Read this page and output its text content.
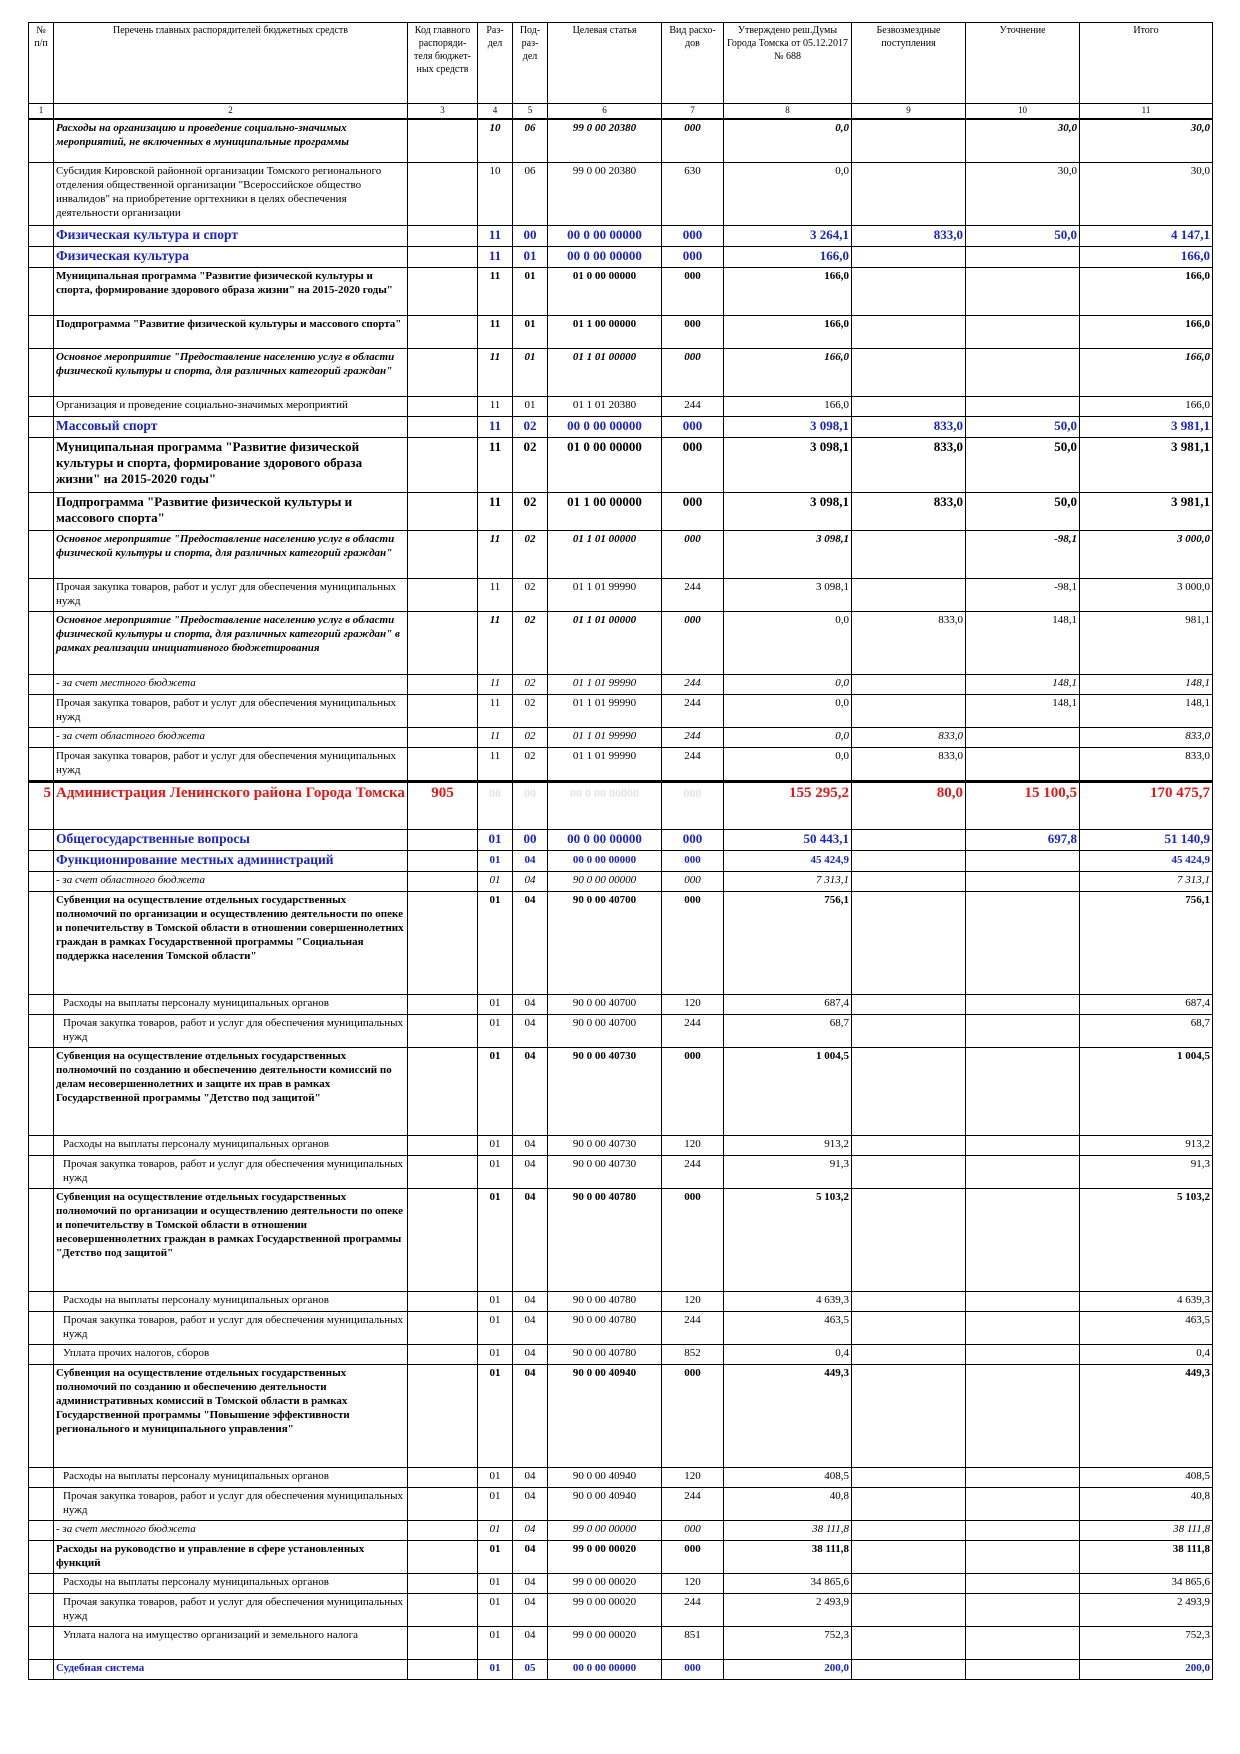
№ п/п	Перечень главных распорядителей бюджетных средств	Код главного распоряди-теля бюджет-ных средств	Раз-дел	Под-раз-дел	Целевая статья	Вид расхо-дов	Утверждено реш.Думы Города Томска от 05.12.2017 № 688	Безвозмездные поступления	Уточнение	Итого
1	2	3	4	5	6	7	8	9	10	11
	Расходы на организацию и проведение социально-значимых мероприятий, не включенных в муниципальные программы		10	06	99 0 00 20380	000	0,0		30,0	30,0
	Субсидия Кировской районной организации Томского регионального отделения общественной организации "Всероссийское общество инвалидов" на приобретение оргтехники в целях обеспечения деятельности организации		10	06	99 0 00 20380	630	0,0		30,0	30,0
	Физическая культура и спорт		11	00	00 0 00 00000	000	3 264,1	833,0	50,0	4 147,1
	Физическая культура		11	01	00 0 00 00000	000	166,0			166,0
	Муниципальная программа "Развитие физической культуры и спорта, формирование здорового образа жизни" на 2015-2020 годы"		11	01	01 0 00 00000	000	166,0			166,0
	Подпрограмма "Развитие физической культуры и массового спорта"		11	01	01 1 00 00000	000	166,0			166,0
	Основное мероприятие "Предоставление населению услуг в области физической культуры и спорта, для различных категорий граждан"		11	01	01 1 01 00000	000	166,0			166,0
	Организация и проведение социально-значимых мероприятий		11	01	01 1 01 20380	244	166,0			166,0
	Массовый спорт		11	02	00 0 00 00000	000	3 098,1	833,0	50,0	3 981,1
	Муниципальная программа "Развитие физической культуры и спорта, формирование здорового образа жизни" на 2015-2020 годы"		11	02	01 0 00 00000	000	3 098,1	833,0	50,0	3 981,1
	Подпрограмма "Развитие физической культуры и массового спорта"		11	02	01 1 00 00000	000	3 098,1	833,0	50,0	3 981,1
	Основное мероприятие "Предоставление населению услуг в области физической культуры и спорта, для различных категорий граждан"		11	02	01 1 01 00000	000	3 098,1		-98,1	3 000,0
	Прочая закупка товаров, работ и услуг для обеспечения муниципальных нужд		11	02	01 1 01 99990	244	3 098,1		-98,1	3 000,0
	Основное мероприятие "Предоставление населению услуг в области физической культуры и спорта, для различных категорий граждан" в рамках реализации инициативного бюджетирования		11	02	01 1 01 00000	000	0,0	833,0	148,1	981,1
	- за счет местного бюджета		11	02	01 1 01 99990	244	0,0		148,1	148,1
	Прочая закупка товаров, работ и услуг для обеспечения муниципальных нужд		11	02	01 1 01 99990	244	0,0		148,1	148,1
	- за счет областного бюджета		11	02	01 1 01 99990	244	0,0	833,0		833,0
	Прочая закупка товаров, работ и услуг для обеспечения муниципальных нужд		11	02	01 1 01 99990	244	0,0	833,0		833,0
5	Администрация Ленинского района Города Томска	905	00	00	00 0 00 00000	000	155 295,2	80,0	15 100,5	170 475,7
	Общегосударственные вопросы		01	00	00 0 00 00000	000	50 443,1		697,8	51 140,9
	Функционирование местных администраций		01	04	00 0 00 00000	000	45 424,9			45 424,9
	- за счет областного бюджета		01	04	90 0 00 00000	000	7 313,1			7 313,1
	Субвенция на осуществление отдельных государственных полномочий по организации и осуществлению деятельности по опеке и попечительству в Томской области в отношении совершеннолетних граждан в рамках Государственной программы "Социальная поддержка населения Томской области"		01	04	90 0 00 40700	000	756,1			756,1
	Расходы на выплаты персоналу муниципальных органов		01	04	90 0 00 40700	120	687,4			687,4
	Прочая закупка товаров, работ и услуг для обеспечения муниципальных нужд		01	04	90 0 00 40700	244	68,7			68,7
	Субвенция на осуществление отдельных государственных полномочий по созданию и обеспечению деятельности комиссий по делам несовершеннолетних и защите их прав в рамках Государственной программы "Детство под защитой"		01	04	90 0 00 40730	000	1 004,5			1 004,5
	Расходы на выплаты персоналу муниципальных органов		01	04	90 0 00 40730	120	913,2			913,2
	Прочая закупка товаров, работ и услуг для обеспечения муниципальных нужд		01	04	90 0 00 40730	244	91,3			91,3
	Субвенция на осуществление отдельных государственных полномочий по организации и осуществлению деятельности по опеке и попечительству в Томской области в отношении несовершеннолетних граждан в рамках Государственной программы "Детство под защитой"		01	04	90 0 00 40780	000	5 103,2			5 103,2
	Расходы на выплаты персоналу муниципальных органов		01	04	90 0 00 40780	120	4 639,3			4 639,3
	Прочая закупка товаров, работ и услуг для обеспечения муниципальных нужд		01	04	90 0 00 40780	244	463,5			463,5
	Уплата прочих налогов, сборов		01	04	90 0 00 40780	852	0,4			0,4
	Субвенция на осуществление отдельных государственных полномочий по созданию и обеспечению деятельности административных комиссий в Томской области в рамках Государственной программы "Повышение эффективности регионального и муниципального управления"		01	04	90 0 00 40940	000	449,3			449,3
	Расходы на выплаты персоналу муниципальных органов		01	04	90 0 00 40940	120	408,5			408,5
	Прочая закупка товаров, работ и услуг для обеспечения муниципальных нужд		01	04	90 0 00 40940	244	40,8			40,8
	- за счет местного бюджета		01	04	99 0 00 00000	000	38 111,8			38 111,8
	Расходы на руководство и управление в сфере установленных функций		01	04	99 0 00 00020	000	38 111,8			38 111,8
	Расходы на выплаты персоналу муниципальных органов		01	04	99 0 00 00020	120	34 865,6			34 865,6
	Прочая закупка товаров, работ и услуг для обеспечения муниципальных нужд		01	04	99 0 00 00020	244	2 493,9			2 493,9
	Уплата налога на имущество организаций и земельного налога		01	04	99 0 00 00020	851	752,3			752,3
	Судебная система		01	05	00 0 00 00000	000	200,0			200,0
